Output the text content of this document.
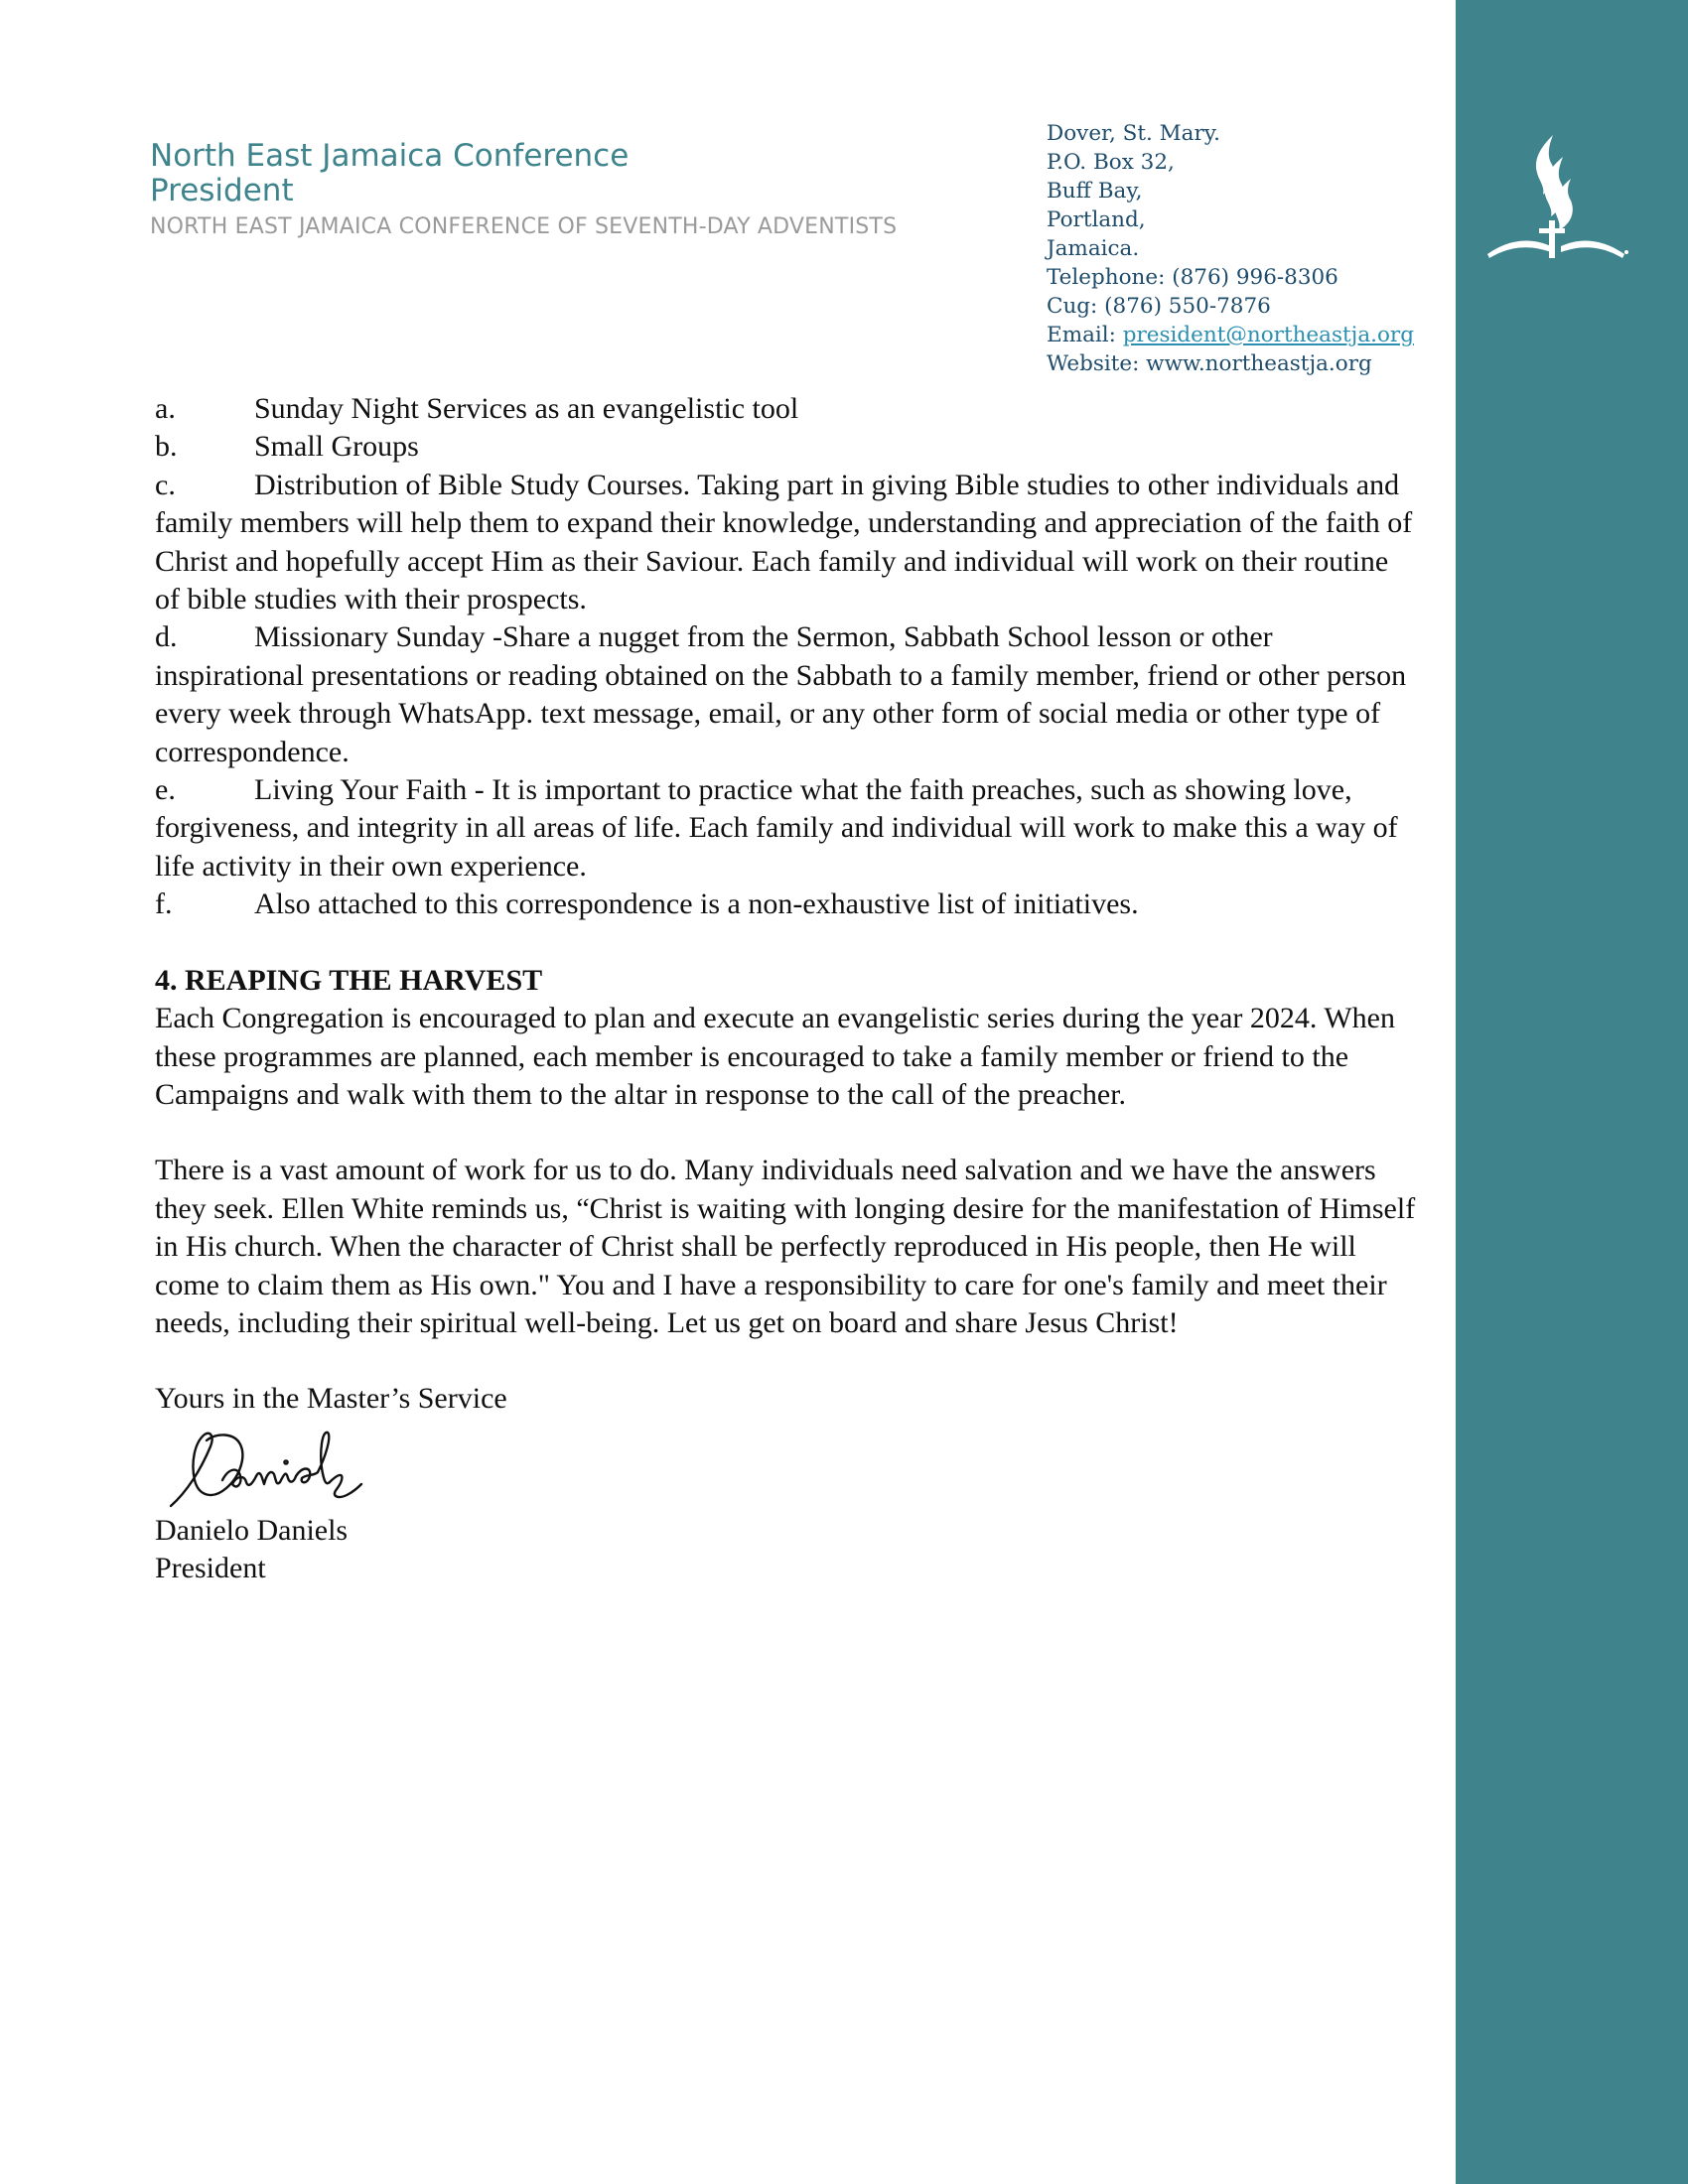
North East Jamaica Conference
President
NORTH EAST JAMAICA CONFERENCE OF SEVENTH-DAY ADVENTISTS
Dover, St. Mary.
P.O. Box 32,
Buff Bay,
Portland,
Jamaica.
Telephone: (876) 996-8306
Cug: (876) 550-7876
Email: president@northeastja.org
Website: www.northeastja.org
a.	Sunday Night Services as an evangelistic tool
b.	Small Groups
c.	Distribution of Bible Study Courses. Taking part in giving Bible studies to other individuals and family members will help them to expand their knowledge, understanding and appreciation of the faith of Christ and hopefully accept Him as their Saviour. Each family and individual will work on their routine of bible studies with their prospects.
d.	Missionary Sunday -Share a nugget from the Sermon, Sabbath School lesson or other inspirational presentations or reading obtained on the Sabbath to a family member, friend or other person every week through WhatsApp. text message, email, or any other form of social media or other type of correspondence.
e.	Living Your Faith - It is important to practice what the faith preaches, such as showing love, forgiveness, and integrity in all areas of life. Each family and individual will work to make this a way of life activity in their own experience.
f.	Also attached to this correspondence is a non-exhaustive list of initiatives.
4. REAPING THE HARVEST
Each Congregation is encouraged to plan and execute an evangelistic series during the year 2024. When these programmes are planned, each member is encouraged to take a family member or friend to the Campaigns and walk with them to the altar in response to the call of the preacher.
There is a vast amount of work for us to do. Many individuals need salvation and we have the answers they seek. Ellen White reminds us, “Christ is waiting with longing desire for the manifestation of Himself in His church. When the character of Christ shall be perfectly reproduced in His people, then He will come to claim them as His own." You and I have a responsibility to care for one's family and meet their needs, including their spiritual well-being. Let us get on board and share Jesus Christ!
Yours in the Master’s Service
Danielo Daniels
President
